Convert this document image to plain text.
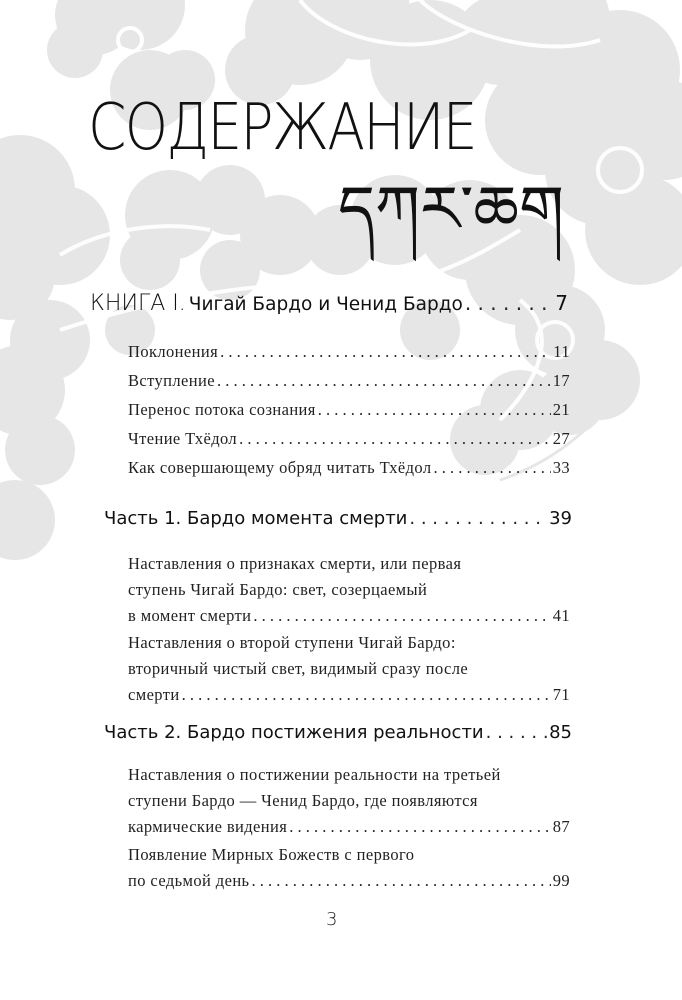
СОДЕРЖАНИЕ
དཀར་ཆག
КНИГА I. Чигай Бардо и Ченид Бардо . . .	7
Поклонения . . .	11
Вступление . . .	17
Перенос потока сознания . . .	21
Чтение Тхёдол . . .	27
Как совершающему обряд читать Тхёдол . . .	33
Часть 1. Бардо момента смерти . . .	39
Наставления о признаках смерти, или первая
ступень Чигай Бардо: свет, созерцаемый
в момент смерти . . .	41
Наставления о второй ступени Чигай Бардо:
вторичный чистый свет, видимый сразу после
смерти . . .	71
Часть 2. Бардо постижения реальности . . .	85
Наставления о постижении реальности на третьей
ступени Бардо — Ченид Бардо, где появляются
кармические видения . . .	87
Появление Мирных Божеств с первого
по седьмой день . . .	99
3
